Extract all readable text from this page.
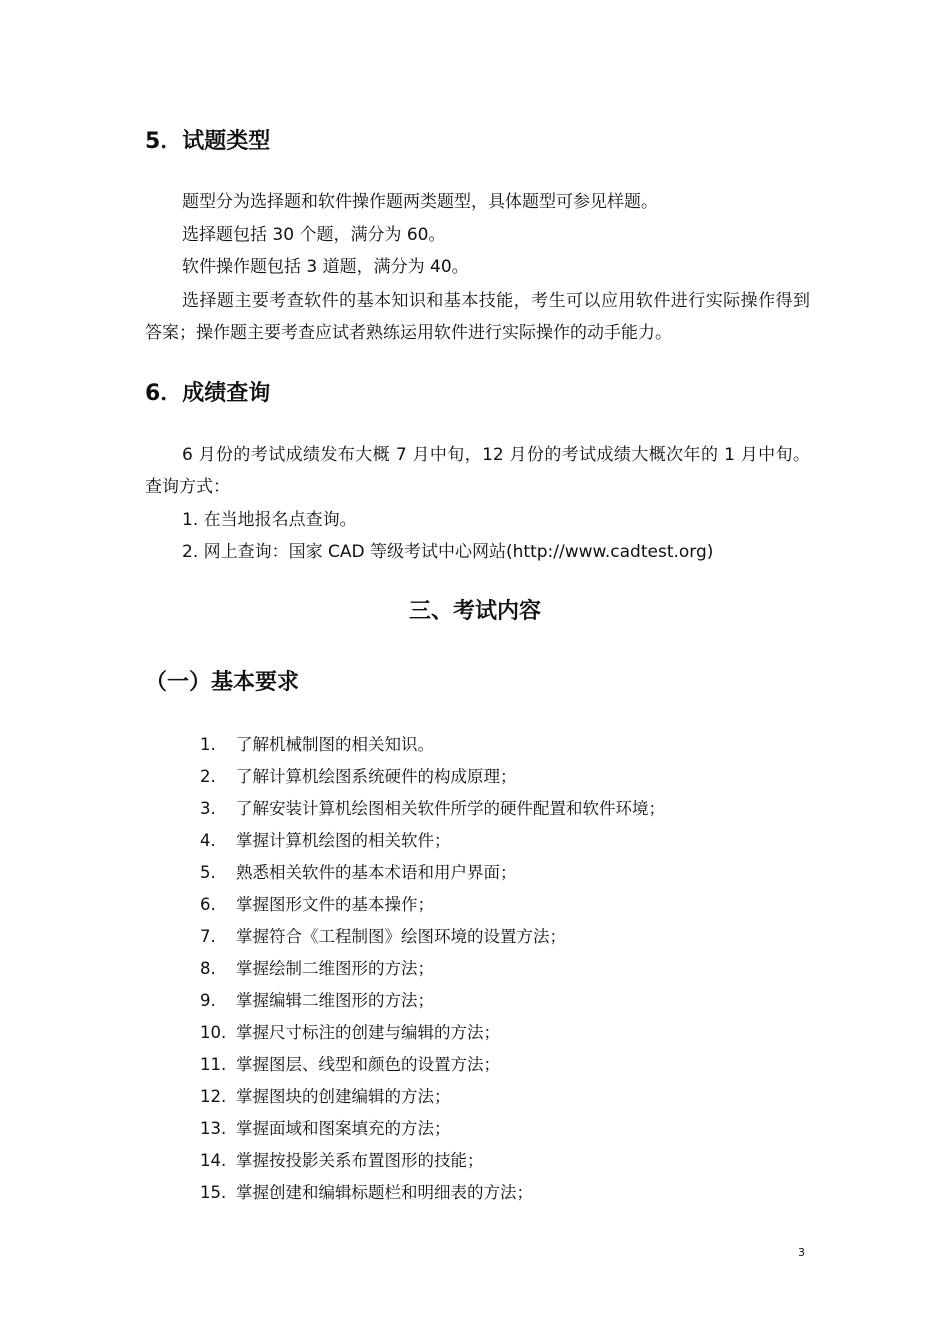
5．试题类型
题型分为选择题和软件操作题两类题型，具体题型可参见样题。
选择题包括 30 个题，满分为 60。
软件操作题包括 3 道题，满分为 40。
选择题主要考查软件的基本知识和基本技能，考生可以应用软件进行实际操作得到答案；操作题主要考查应试者熟练运用软件进行实际操作的动手能力。
6．成绩查询
6 月份的考试成绩发布大概 7 月中旬，12 月份的考试成绩大概次年的 1 月中旬。查询方式：
1. 在当地报名点查询。
2. 网上查询：国家 CAD 等级考试中心网站(http://www.cadtest.org)
三、考试内容
（一）基本要求
1. 了解机械制图的相关知识。
2. 了解计算机绘图系统硬件的构成原理；
3. 了解安装计算机绘图相关软件所学的硬件配置和软件环境；
4. 掌握计算机绘图的相关软件；
5. 熟悉相关软件的基本术语和用户界面；
6. 掌握图形文件的基本操作；
7. 掌握符合《工程制图》绘图环境的设置方法；
8. 掌握绘制二维图形的方法；
9. 掌握编辑二维图形的方法；
10. 掌握尺寸标注的创建与编辑的方法；
11. 掌握图层、线型和颜色的设置方法；
12. 掌握图块的创建编辑的方法；
13. 掌握面域和图案填充的方法；
14. 掌握按投影关系布置图形的技能；
15. 掌握创建和编辑标题栏和明细表的方法；
3
